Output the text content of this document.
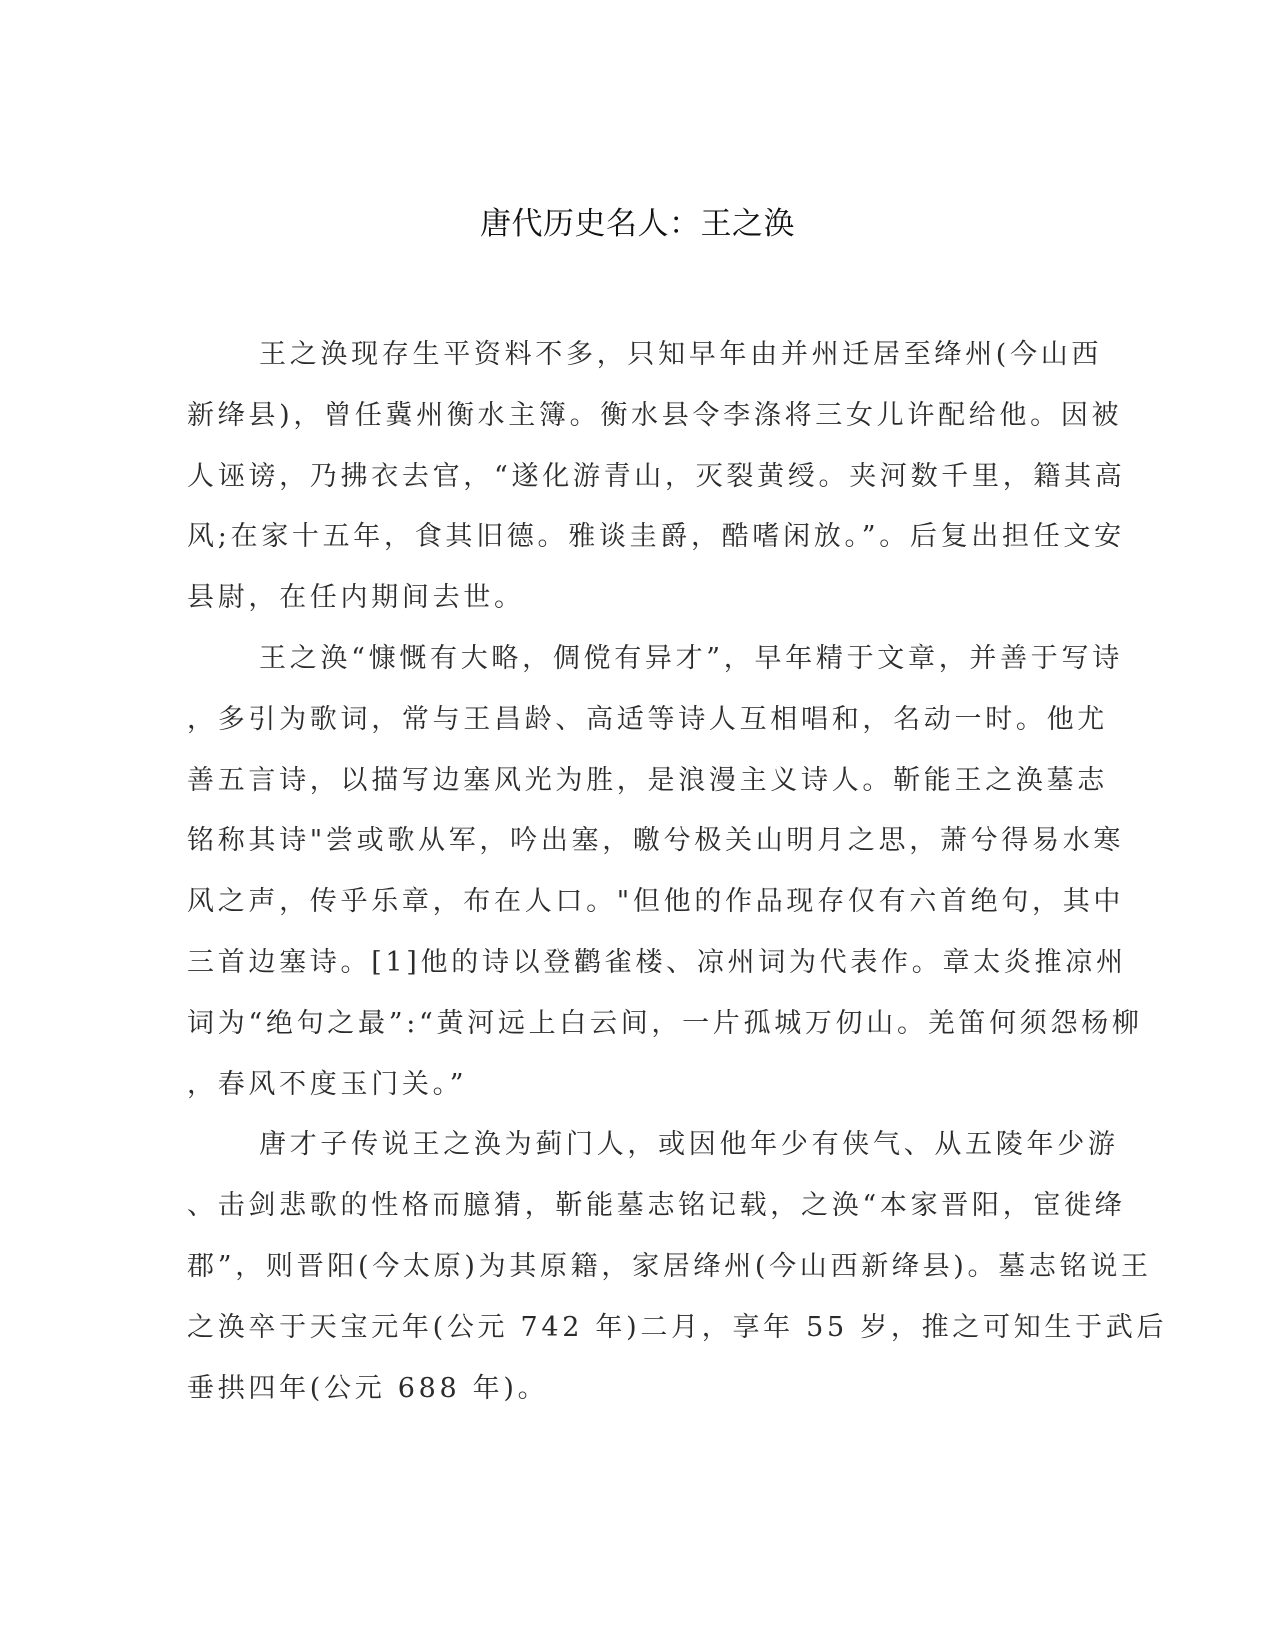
唐代历史名人：王之涣
王之涣现存生平资料不多，只知早年由并州迁居至绛州(今山西
新绛县)，曾任冀州衡水主簿。衡水县令李涤将三女儿许配给他。因被
人诬谤，乃拂衣去官，“遂化游青山，灭裂黄绶。夹河数千里，籍其高
风;在家十五年，食其旧德。雅谈圭爵，酷嗜闲放。”。后复出担任文安
县尉，在任内期间去世。
王之涣“慷慨有大略，倜傥有异才”，早年精于文章，并善于写诗
，多引为歌词，常与王昌龄、高适等诗人互相唱和，名动一时。他尤
善五言诗，以描写边塞风光为胜，是浪漫主义诗人。靳能王之涣墓志
铭称其诗"尝或歌从军，吟出塞，曒兮极关山明月之思，萧兮得易水寒
风之声，传乎乐章，布在人口。"但他的作品现存仅有六首绝句，其中
三首边塞诗。[1]他的诗以登鹳雀楼、凉州词为代表作。章太炎推凉州
词为“绝句之最”:“黄河远上白云间，一片孤城万仞山。羌笛何须怨杨柳
，春风不度玉门关。”
唐才子传说王之涣为蓟门人，或因他年少有侠气、从五陵年少游
、击剑悲歌的性格而臆猜，靳能墓志铭记载，之涣“本家晋阳，宦徙绛
郡”，则晋阳(今太原)为其原籍，家居绛州(今山西新绛县)。墓志铭说王
之涣卒于天宝元年(公元 742 年)二月，享年 55 岁，推之可知生于武后
垂拱四年(公元 688 年)。
